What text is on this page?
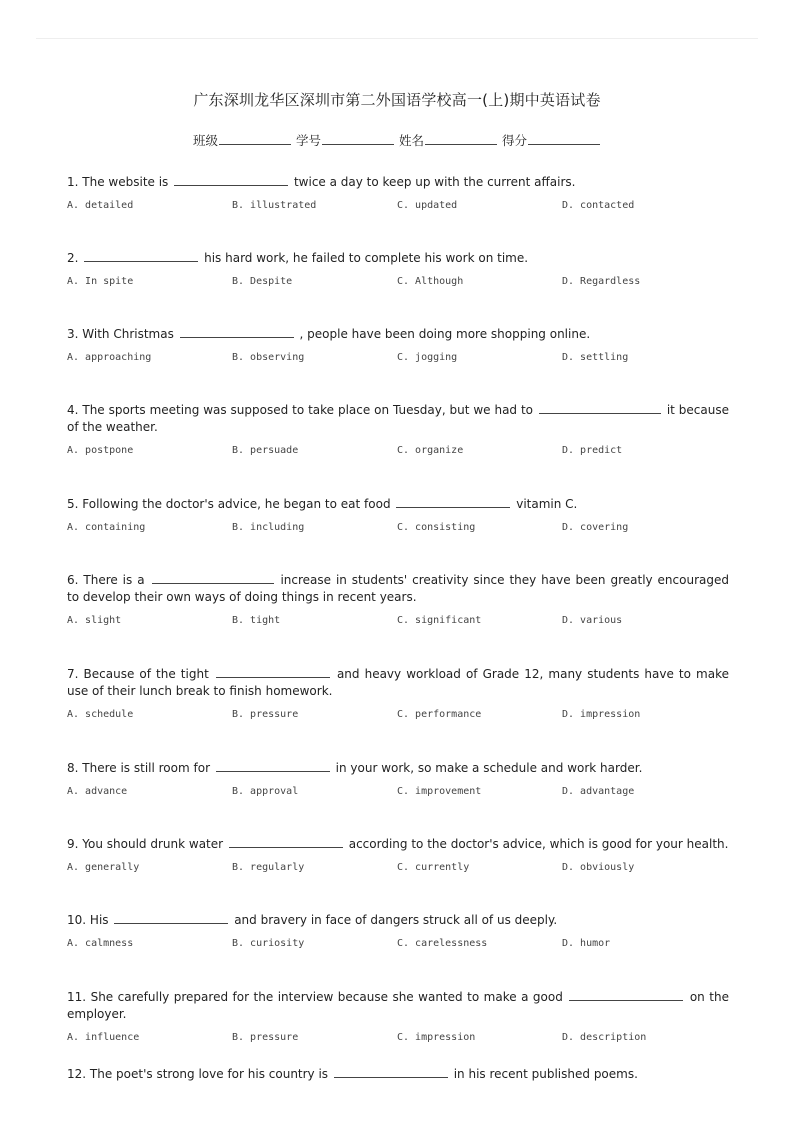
广东深圳龙华区深圳市第二外国语学校高一(上)期中英语试卷
班级	学号	姓名	得分
1. The website is	twice a day to keep up with the current affairs.
A. detailed	B. illustrated	C. updated	D. contacted
2.	his hard work, he failed to complete his work on time.
A. In spite	B. Despite	C. Although	D. Regardless
3. With Christmas	, people have been doing more shopping online.
A. approaching	B. observing	C. jogging	D. settling
4. The sports meeting was supposed to take place on Tuesday, but we had to	it because of the weather.
A. postpone	B. persuade	C. organize	D. predict
5. Following the doctor's advice, he began to eat food	vitamin C.
A. containing	B. including	C. consisting	D. covering
6. There is a	increase in students' creativity since they have been greatly encouraged to develop their own ways of doing things in recent years.
A. slight	B. tight	C. significant	D. various
7. Because of the tight	and heavy workload of Grade 12, many students have to make use of their lunch break to finish homework.
A. schedule	B. pressure	C. performance	D. impression
8. There is still room for	in your work, so make a schedule and work harder.
A. advance	B. approval	C. improvement	D. advantage
9. You should drunk water	according to the doctor's advice, which is good for your health.
A. generally	B. regularly	C. currently	D. obviously
10. His	and bravery in face of dangers struck all of us deeply.
A. calmness	B. curiosity	C. carelessness	D. humor
11. She carefully prepared for the interview because she wanted to make a good	on the employer.
A. influence	B. pressure	C. impression	D. description
12. The poet's strong love for his country is	in his recent published poems.
